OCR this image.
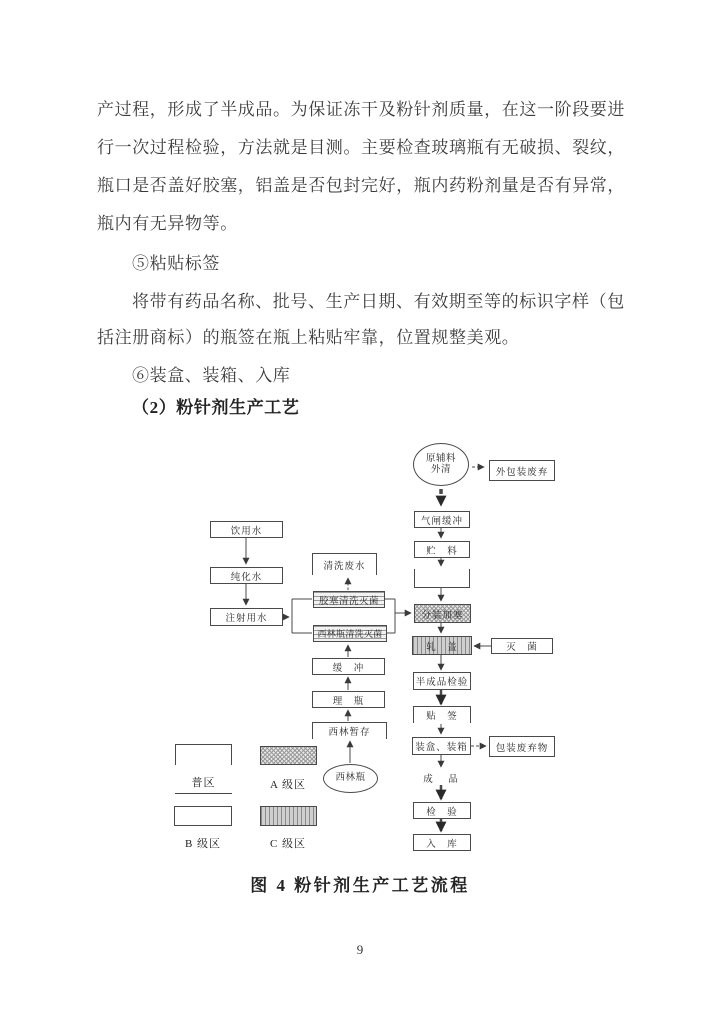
产过程，形成了半成品。为保证冻干及粉针剂质量，在这一阶段要进
行一次过程检验，方法就是目测。主要检查玻璃瓶有无破损、裂纹，
瓶口是否盖好胶塞，铝盖是否包封完好，瓶内药粉剂量是否有异常，
瓶内有无异物等。
⑤粘贴标签
将带有药品名称、批号、生产日期、有效期至等的标识字样（包
括注册商标）的瓶签在瓶上粘贴牢靠，位置规整美观。
⑥装盒、装箱、入库
（2）粉针剂生产工艺
原辅料
外清	外包装废弃
气闸缓冲
贮　料
分装加塞
轧　盖	灭　菌
半成品检验
贴　签
装盒、装箱	包装废弃物
成　品
检　验
入　库
饮用水
纯化水
注射用水
清洗废水
胶塞清洗灭菌
西林瓶清洗灭菌
缓　冲
理　瓶
西林暂存
西林瓶
普区	A 级区
B 级区	C 级区
图 4 粉针剂生产工艺流程
9
